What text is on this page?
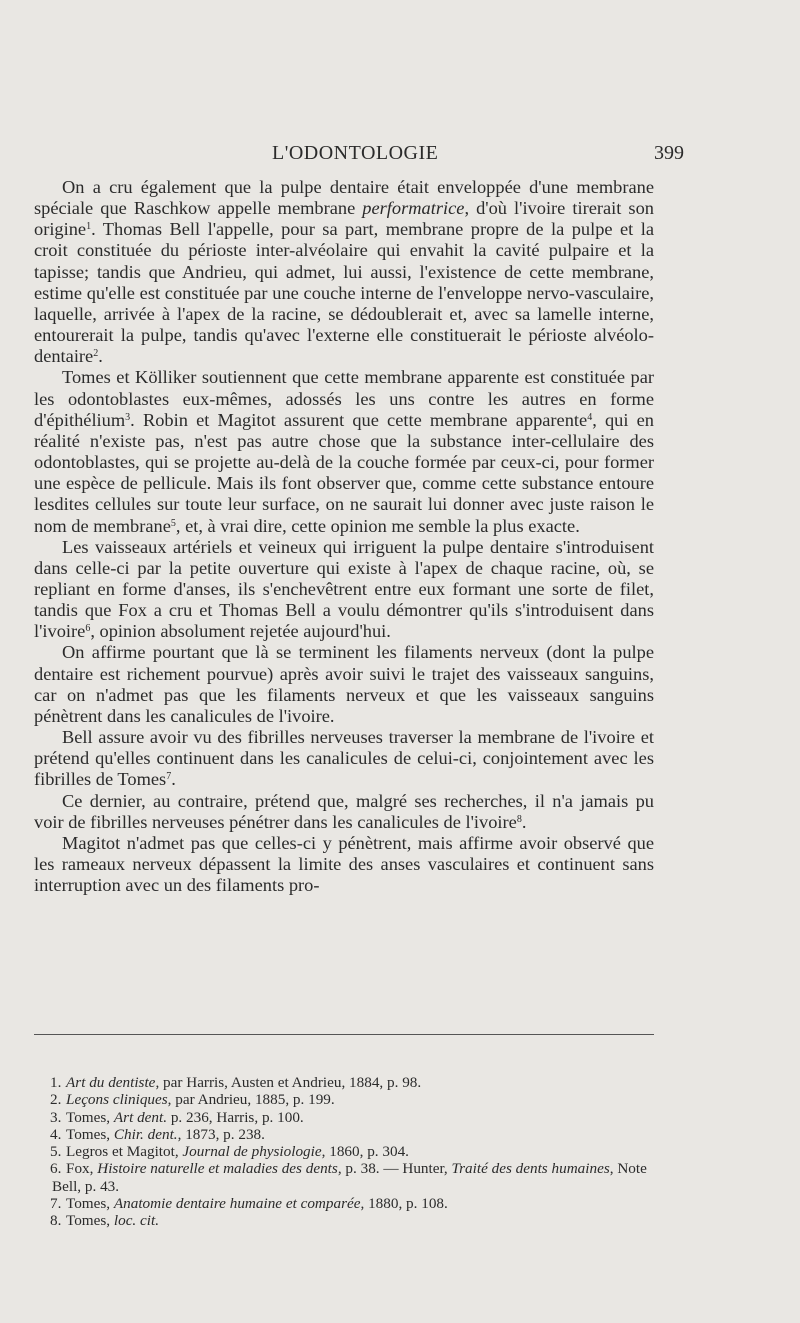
L'ODONTOLOGIE	399

On a cru également que la pulpe dentaire était enveloppée d'une membrane spéciale que Raschkow appelle membrane performatrice, d'où l'ivoire tirerait son origine$^1$. Thomas Bell l'appelle, pour sa part, membrane propre de la pulpe et la croit constituée du périoste inter-alvéolaire qui envahit la cavité pulpaire et la tapisse; tandis que Andrieu, qui admet, lui aussi, l'existence de cette membrane, estime qu'elle est constituée par une couche interne de l'enveloppe nervo-vasculaire, laquelle, arrivée à l'apex de la racine, se dédoublerait et, avec sa lamelle interne, entourerait la pulpe, tandis qu'avec l'externe elle constituerait le périoste alvéolo-dentaire$^2$.

Tomes et Kölliker soutiennent que cette membrane apparente est constituée par les odontoblastes eux-mêmes, adossés les uns contre les autres en forme d'épithélium$^3$. Robin et Magitot assurent que cette membrane apparente$^4$, qui en réalité n'existe pas, n'est pas autre chose que la substance inter-cellulaire des odontoblastes, qui se projette au-delà de la couche formée par ceux-ci, pour former une espèce de pellicule. Mais ils font observer que, comme cette substance entoure lesdites cellules sur toute leur surface, on ne saurait lui donner avec juste raison le nom de membrane$^5$, et, à vrai dire, cette opinion me semble la plus exacte.

Les vaisseaux artériels et veineux qui irriguent la pulpe dentaire s'introduisent dans celle-ci par la petite ouverture qui existe à l'apex de chaque racine, où, se repliant en forme d'anses, ils s'enchevêtrent entre eux formant une sorte de filet, tandis que Fox a cru et Thomas Bell a voulu démontrer qu'ils s'introduisent dans l'ivoire$^6$, opinion absolument rejetée aujourd'hui.

On affirme pourtant que là se terminent les filaments nerveux (dont la pulpe dentaire est richement pourvue) après avoir suivi le trajet des vaisseaux sanguins, car on n'admet pas que les filaments nerveux et que les vaisseaux sanguins pénètrent dans les canalicules de l'ivoire.

Bell assure avoir vu des fibrilles nerveuses traverser la membrane de l'ivoire et prétend qu'elles continuent dans les canalicules de celui-ci, conjointement avec les fibrilles de Tomes$^7$.

Ce dernier, au contraire, prétend que, malgré ses recherches, il n'a jamais pu voir de fibrilles nerveuses pénétrer dans les canalicules de l'ivoire$^8$.

Magitot n'admet pas que celles-ci y pénètrent, mais affirme avoir observé que les rameaux nerveux dépassent la limite des anses vasculaires et continuent sans interruption avec un des filaments pro-

1. Art du dentiste, par Harris, Austen et Andrieu, 1884, p. 98.
2. Leçons cliniques, par Andrieu, 1885, p. 199.
3. Tomes, Art dent. p. 236, Harris, p. 100.
4. Tomes, Chir. dent., 1873, p. 238.
5. Legros et Magitot, Journal de physiologie, 1860, p. 304.
6. Fox, Histoire naturelle et maladies des dents, p. 38. — Hunter, Traité des dents humaines, Note Bell, p. 43.
7. Tomes, Anatomie dentaire humaine et comparée, 1880, p. 108.
8. Tomes, loc. cit.
